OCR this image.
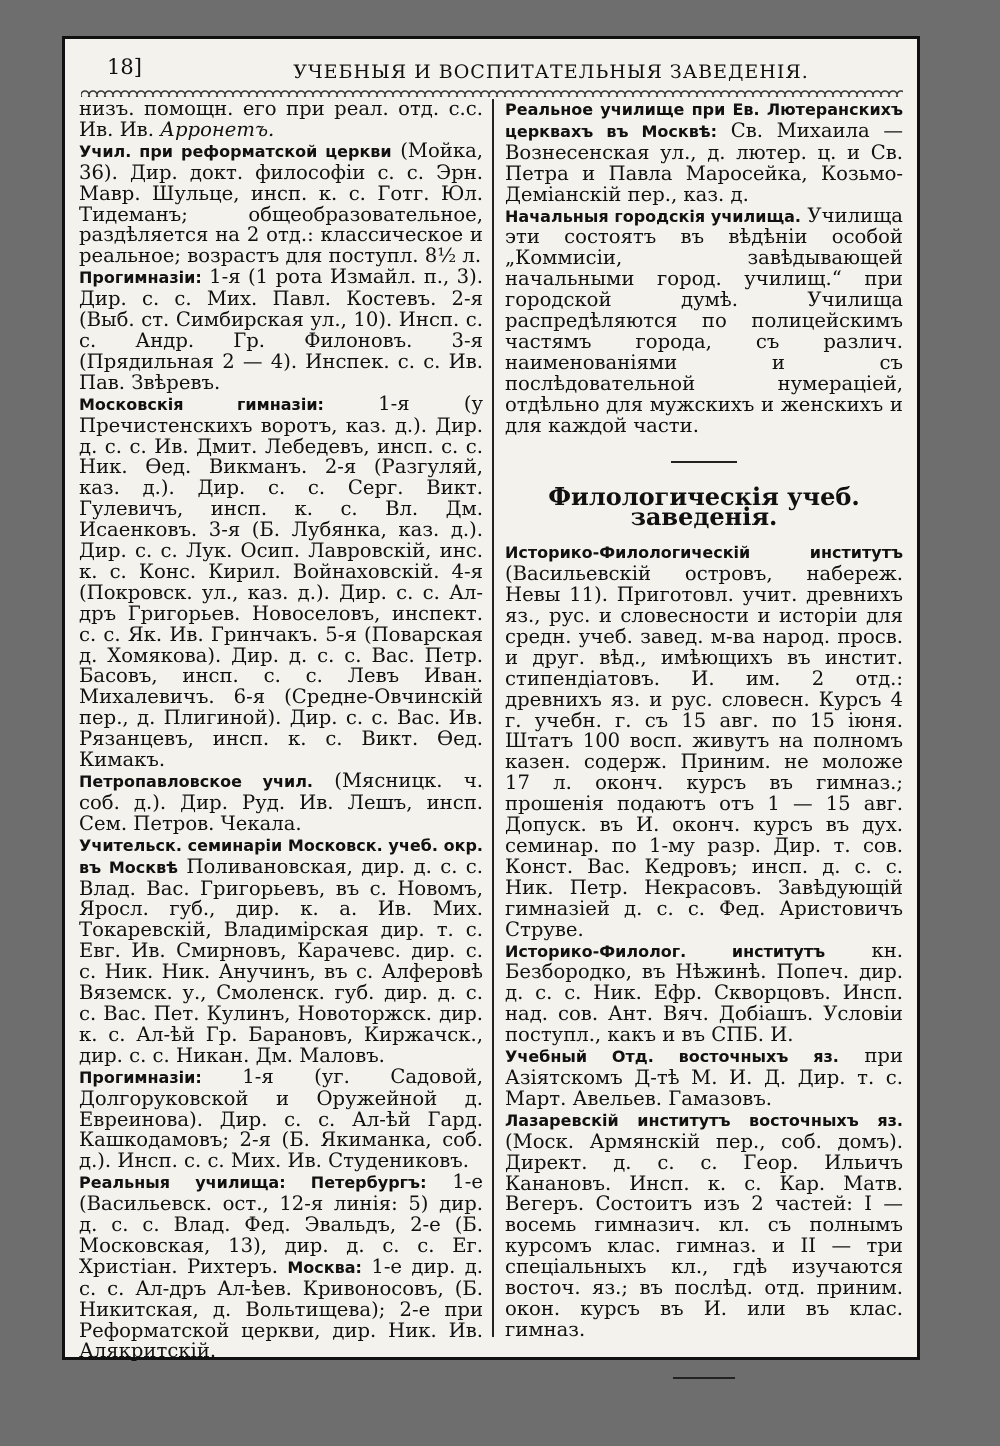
18]	УЧЕБНЫЯ И ВОСПИТАТЕЛЬНЫЯ ЗАВЕДЕНІЯ.

низъ. помощн. его при реал. отд. с.с. Ив. Ив. Арронетъ.

Учил. при реформатской церкви (Мойка, 36). Дир. докт. философіи с. с. Эрн. Мавр. Шульце, инсп. к. с. Готг. Юл. Тидеманъ; общеобразовательное, раздѣляется на 2 отд.: классическое и реальное; возрастъ для поступл. 8½ л.

Прогимназіи: 1-я (1 рота Измайл. п., 3). Дир. с. с. Мих. Павл. Костевъ. 2-я (Выб. ст. Симбирская ул., 10). Инсп. с. с. Андр. Гр. Филоновъ. 3-я (Прядильная 2 — 4). Инспек. с. с. Ив. Пав. Звѣревъ.

Московскія гимназіи: 1-я (у Пречистенскихъ воротъ, каз. д.). Дир. д. с. с. Ив. Дмит. Лебедевъ, инсп. с. с. Ник. Өед. Викманъ. 2-я (Разгуляй, каз. д.). Дир. с. с. Серг. Викт. Гулевичъ, инсп. к. с. Вл. Дм. Исаенковъ. 3-я (Б. Лубянка, каз. д.). Дир. с. с. Лук. Осип. Лавровскій, инс. к. с. Конс. Кирил. Войнаховскій. 4-я (Покровск. ул., каз. д.). Дир. с. с. Ал-дръ Григорьев. Новоселовъ, инспект. с. с. Як. Ив. Гринчакъ. 5-я (Поварская д. Хомякова). Дир. д. с. с. Вас. Петр. Басовъ, инсп. с. с. Левъ Иван. Михалевичъ. 6-я (Средне-Овчинскій пер., д. Плигиной). Дир. с. с. Вас. Ив. Рязанцевъ, инсп. к. с. Викт. Өед. Кимакъ.

Петропавловское учил. (Мясницк. ч. соб. д.). Дир. Руд. Ив. Лешъ, инсп. Сем. Петров. Чекала.

Учительск. семинаріи Московск. учеб. окр. въ Москвѣ Поливановская, дир. д. с. с. Влад. Вас. Григорьевъ, въ с. Новомъ, Яросл. губ., дир. к. а. Ив. Мих. Токаревскій, Владимірская дир. т. с. Евг. Ив. Смирновъ, Карачевс. дир. с. с. Ник. Ник. Анучинъ, въ с. Алферовѣ Вяземск. у., Смоленск. губ. дир. д. с. с. Вас. Пет. Кулинъ, Новоторжск. дир. к. с. Ал-ѣй Гр. Барановъ, Киржачск., дир. с. с. Никан. Дм. Маловъ.

Прогимназіи: 1-я (уг. Садовой, Долгоруковской и Оружейной д. Евреинова). Дир. с. с. Ал-ѣй Гард. Кашкодамовъ; 2-я (Б. Якиманка, соб. д.). Инсп. с. с. Мих. Ив. Студениковъ.

Реальныя училища: Петербургъ: 1-е (Васильевск. ост., 12-я линія: 5) дир. д. с. с. Влад. Фед. Эвальдъ, 2-е (Б. Московская, 13), дир. д. с. с. Ег. Христіан. Рихтеръ. Москва: 1-е дир. д. с. с. Ал-дръ Ал-ѣев. Кривоносовъ, (Б. Никитская, д. Вольтищева); 2-е при Реформатской церкви, дир. Ник. Ив. Алякритскій.

Реальное училище при Ев. Лютеранскихъ церквахъ въ Москвѣ: Св. Михаила — Вознесенская ул., д. лютер. ц. и Св. Петра и Павла Маросейка, Козьмо-Деміанскій пер., каз. д.

Начальныя городскія училища. Училища эти состоятъ въ вѣдѣніи особой „Коммисіи, завѣдывающей начальными город. училищ.“ при городской думѣ. Училища распредѣляются по полицейскимъ частямъ города, съ различ. наименованіями и съ послѣдовательной нумераціей, отдѣльно для мужскихъ и женскихъ и для каждой части.

Филологическія учеб. заведенія.

Историко-Филологическій институтъ (Васильевскій островъ, набереж. Невы 11). Приготовл. учит. древнихъ яз., рус. и словесности и исторіи для средн. учеб. завед. м-ва народ. просв. и друг. вѣд., имѣющихъ въ инстит. стипендіатовъ. И. им. 2 отд.: древнихъ яз. и рус. словесн. Курсъ 4 г. учебн. г. съ 15 авг. по 15 іюня. Штатъ 100 восп. живутъ на полномъ казен. содерж. Приним. не моложе 17 л. оконч. курсъ въ гимназ.; прошенія подаютъ отъ 1 — 15 авг. Допуск. въ И. оконч. курсъ въ дух. семинар. по 1-му разр. Дир. т. сов. Конст. Вас. Кедровъ; инсп. д. с. с. Ник. Петр. Некрасовъ. Завѣдующій гимназіей д. с. с. Фед. Аристовичъ Струве.

Историко-Филолог. институтъ кн. Безбородко, въ Нѣжинѣ. Попеч. дир. д. с. с. Ник. Ефр. Скворцовъ. Инсп. над. сов. Ант. Вяч. Добіашъ. Условіи поступл., какъ и въ СПБ. И.

Учебный Отд. восточныхъ яз. при Азіятскомъ Д-тѣ М. И. Д. Дир. т. с. Март. Авельев. Гамазовъ.

Лазаревскій институтъ восточныхъ яз. (Моск. Армянскій пер., соб. домъ). Директ. д. с. с. Геор. Ильичъ Канановъ. Инсп. к. с. Кар. Матв. Вегеръ. Состоитъ изъ 2 частей: I — восемь гимназич. кл. съ полнымъ курсомъ клас. гимназ. и II — три спеціальныхъ кл., гдѣ изучаются восточ. яз.; въ послѣд. отд. приним. окон. курсъ въ И. или въ клас. гимназ.
